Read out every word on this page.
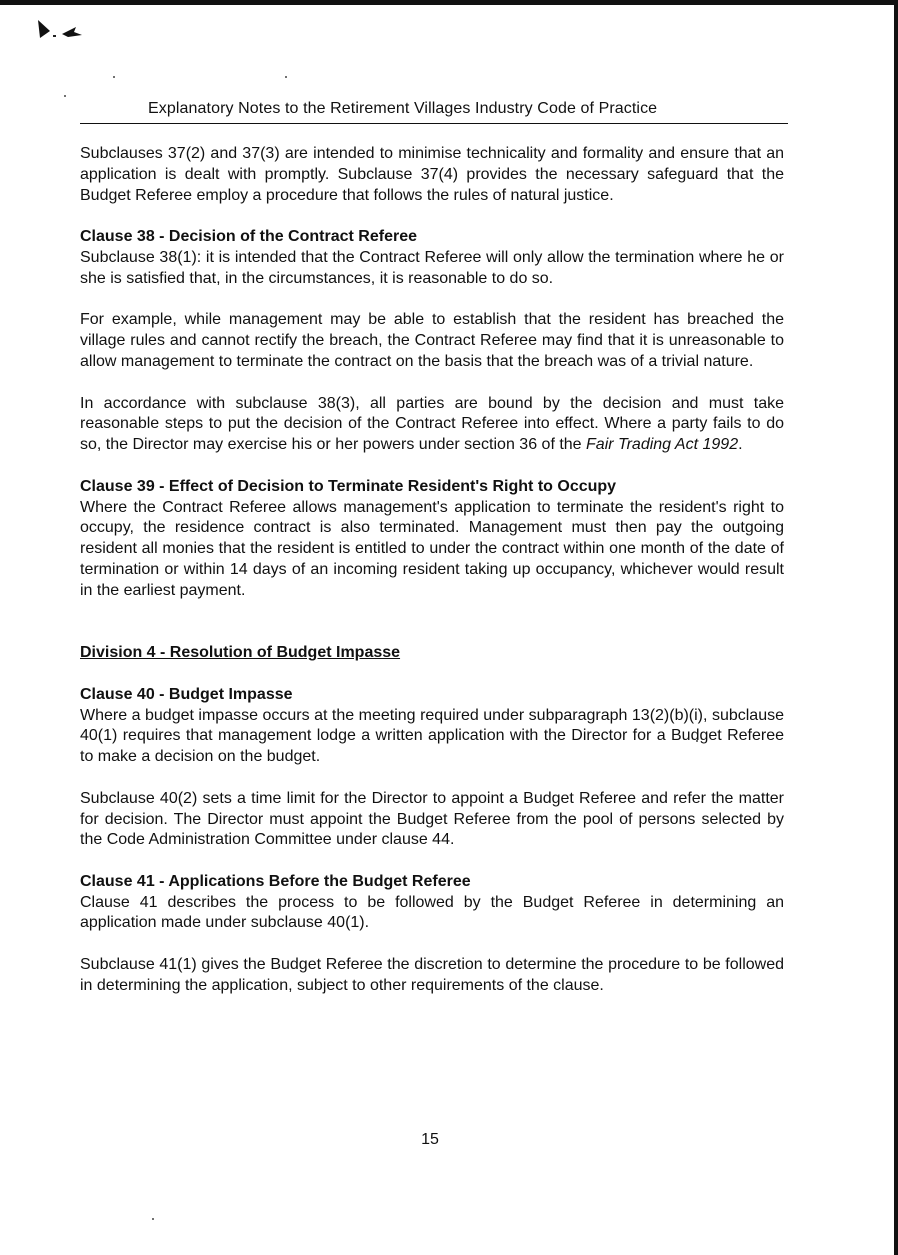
Explanatory Notes to the Retirement Villages Industry Code of Practice

Subclauses 37(2) and 37(3) are intended to minimise technicality and formality and ensure that an application is dealt with promptly. Subclause 37(4) provides the necessary safeguard that the Budget Referee employ a procedure that follows the rules of natural justice.

Clause 38 - Decision of the Contract Referee

Subclause 38(1): it is intended that the Contract Referee will only allow the termination where he or she is satisfied that, in the circumstances, it is reasonable to do so.

For example, while management may be able to establish that the resident has breached the village rules and cannot rectify the breach, the Contract Referee may find that it is unreasonable to allow management to terminate the contract on the basis that the breach was of a trivial nature.

In accordance with subclause 38(3), all parties are bound by the decision and must take reasonable steps to put the decision of the Contract Referee into effect. Where a party fails to do so, the Director may exercise his or her powers under section 36 of the Fair Trading Act 1992.

Clause 39 - Effect of Decision to Terminate Resident's Right to Occupy

Where the Contract Referee allows management's application to terminate the resident's right to occupy, the residence contract is also terminated. Management must then pay the outgoing resident all monies that the resident is entitled to under the contract within one month of the date of termination or within 14 days of an incoming resident taking up occupancy, whichever would result in the earliest payment.

Division 4 - Resolution of Budget Impasse
Clause 40 - Budget Impasse

Where a budget impasse occurs at the meeting required under subparagraph 13(2)(b)(i), subclause 40(1) requires that management lodge a written application with the Director for a Budget Referee to make a decision on the budget.

Subclause 40(2) sets a time limit for the Director to appoint a Budget Referee and refer the matter for decision. The Director must appoint the Budget Referee from the pool of persons selected by the Code Administration Committee under clause 44.

Clause 41 - Applications Before the Budget Referee

Clause 41 describes the process to be followed by the Budget Referee in determining an application made under subclause 40(1).

Subclause 41(1) gives the Budget Referee the discretion to determine the procedure to be followed in determining the application, subject to other requirements of the clause.

15
